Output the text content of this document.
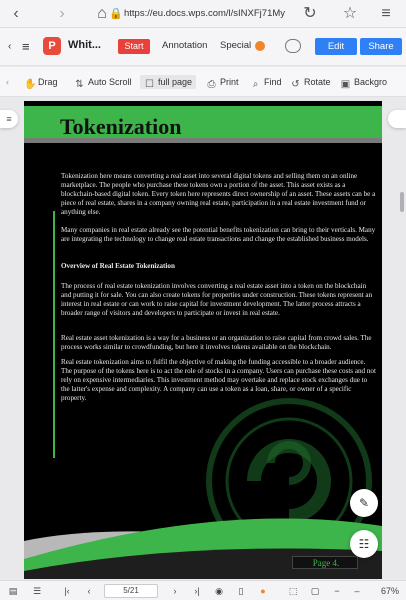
‹	›	⌂ 🔒 https://eu.docs.wps.com/l/sINXFj71My	↻ ☆	≡
‹ ≡	P	Whit...	Start	Annotation Special	Edit	Share
‹ ✋ Drag ⇅ Auto Scroll	☐ full page	⎙ Print ⌕ Find ↺ Rotate ▣ Backgro
≡ Tokenization
Tokenization here means converting a real asset into several digital tokens and selling them on an online marketplace. The people who purchase these tokens own a portion of the asset. This asset exists as a blockchain-based digital token. Every token here represents direct ownership of an asset. These assets can be a piece of real estate, shares in a company owning real estate, participation in a real estate investment fund or anything else.
Many companies in real estate already see the potential benefits tokenization can bring to their verticals. Many are integrating the technology to change real estate transactions and change the established business models.
Overview of Real Estate Tokenization
The process of real estate tokenization involves converting a real estate asset into a token on the blockchain and putting it for sale. You can also create tokens for properties under construction. These tokens represent an interest in real estate or can work to raise capital for investment development. The latter process attracts a broader range of visitors and developers to participate or invest in real estate.
Real estate asset tokenization is a way for a business or an organization to raise capital from crowd sales. The process works similar to crowdfunding, but here it involves tokens available on the blockchain.
Real estate tokenization aims to fulfil the objective of making the funding accessible to a broader audience. The purpose of the tokens here is to act the role of stocks in a company. Users can purchase these costs and not rely on expensive intermediaries. This investment method may overtake and replace stock exchanges due to the latter's expense and complexity. A company can use a token as a loan, share, or owner of a specific property.
Page 4.
✎
☷
▤	☰	|‹	‹	5/21	›	›|	◉	▯	●	⬚	▢	−	–	67%
